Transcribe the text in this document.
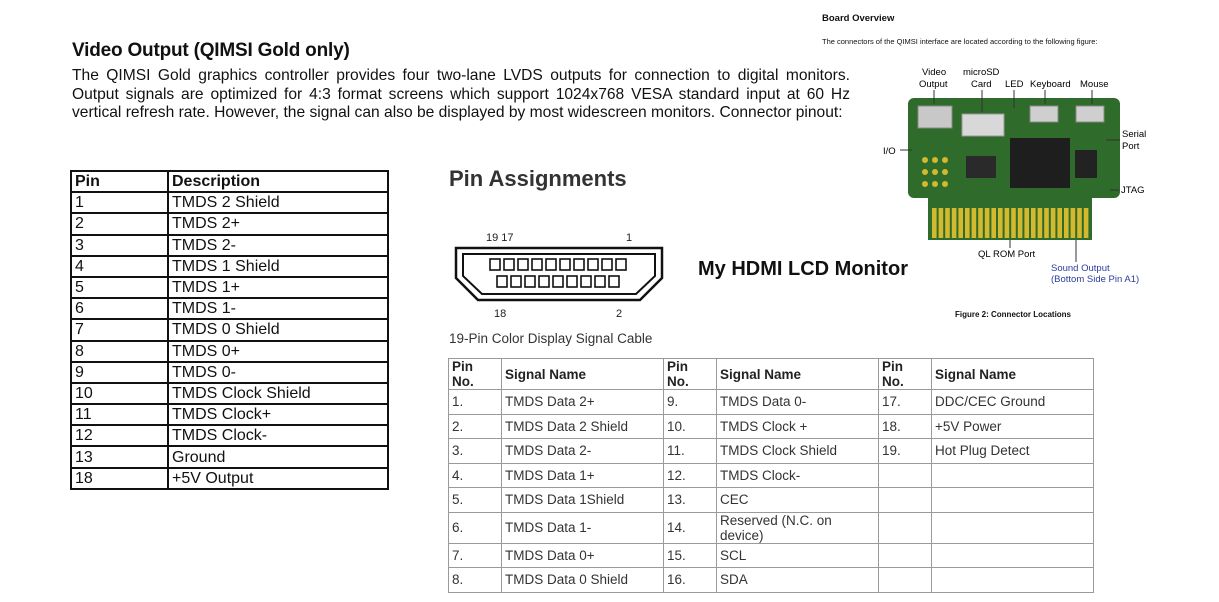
Video Output (QIMSI Gold only)
The QIMSI Gold graphics controller provides four two-lane LVDS outputs for connection to digital monitors. Output signals are optimized for 4:3 format screens which support 1024x768 VESA standard input at 60 Hz vertical refresh rate. However, the signal can also be displayed by most widescreen monitors. Connector pinout:
Pin	Description
1	TMDS 2 Shield
2	TMDS 2+
3	TMDS 2-
4	TMDS 1 Shield
5	TMDS 1+
6	TMDS 1-
7	TMDS 0 Shield
8	TMDS 0+
9	TMDS 0-
10	TMDS Clock Shield
11	TMDS Clock+
12	TMDS Clock-
13	Ground
18	+5V Output
Pin Assignments
19 17	1
18	2
19-Pin Color Display Signal Cable
My HDMI LCD Monitor
Pin No.	Signal Name	Pin No.	Signal Name	Pin No.	Signal Name
1.	TMDS Data 2+	9.	TMDS Data 0-	17.	DDC/CEC Ground
2.	TMDS Data 2 Shield	10.	TMDS Clock +	18.	+5V Power
3.	TMDS Data 2-	11.	TMDS Clock Shield	19.	Hot Plug Detect
4.	TMDS Data 1+	12.	TMDS Clock-		
5.	TMDS Data 1Shield	13.	CEC		
6.	TMDS Data 1-	14.	Reserved (N.C. on device)		
7.	TMDS Data 0+	15.	SCL		
8.	TMDS Data 0 Shield	16.	SDA		
Board Overview
The connectors of the QIMSI interface are located according to the following figure:
Video
Output
microSD
Card LED Keyboard Mouse
Serial
Port
I/O
JTAG
QL ROM Port
Sound Output
(Bottom Side Pin A1)
Figure 2: Connector Locations
